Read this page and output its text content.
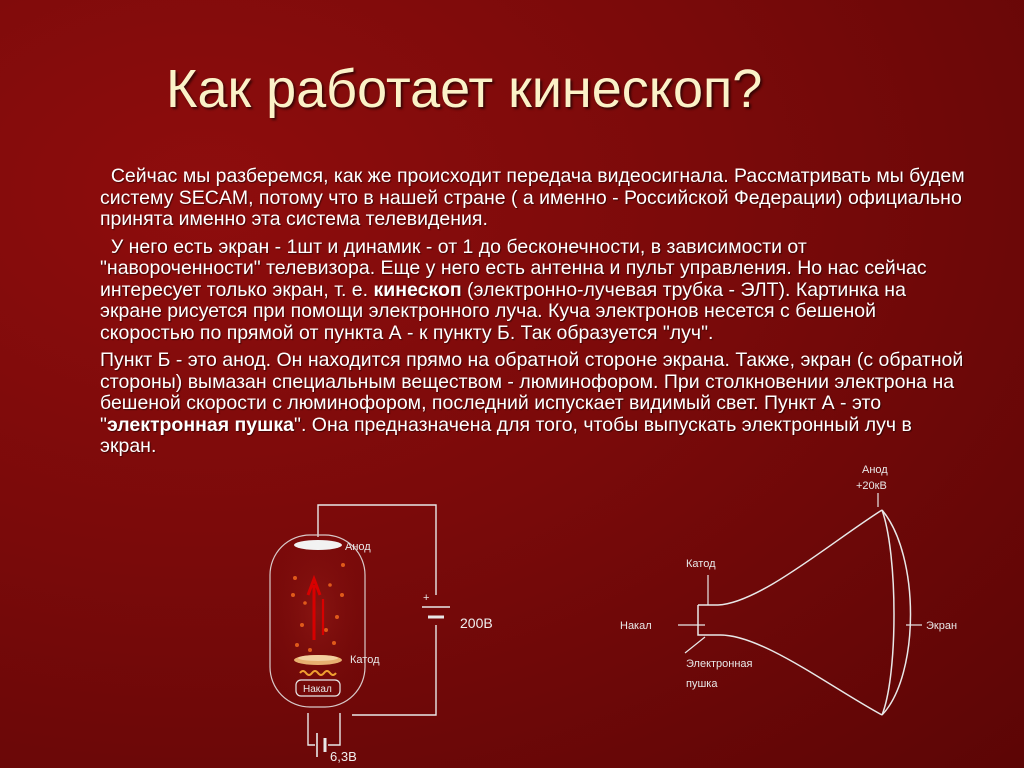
Как работает кинескоп?

Сейчас мы разберемся, как же происходит передача видеосигнала. Рассматривать мы будем систему SECAM, потому что в нашей стране ( а именно - Российской Федерации) официально принята именно эта система телевидения.

У него есть экран - 1шт и динамик - от 1 до бесконечности, в зависимости от "навороченности" телевизора. Еще у него есть антенна и пульт управления. Но нас сейчас интересует только экран, т. е. кинескоп (электронно-лучевая трубка - ЭЛТ). Картинка на экране рисуется при помощи электронного луча. Куча электронов несется с бешеной скоростью по прямой от пункта А - к пункту Б. Так образуется "луч".

Пункт Б - это анод. Он находится прямо на обратной стороне экрана. Также, экран (с обратной стороны) вымазан специальным веществом - люминофором. При столкновении электрона на бешеной скорости с люминофором, последний испускает видимый свет. Пункт А - это "электронная пушка". Она предназначена для того, чтобы выпускать электронный луч в экран.

Анод
Катод
Накал
+
200В
6,3В
Анод
+20кВ
Катод
Накал	Экран
Электронная
пушка
